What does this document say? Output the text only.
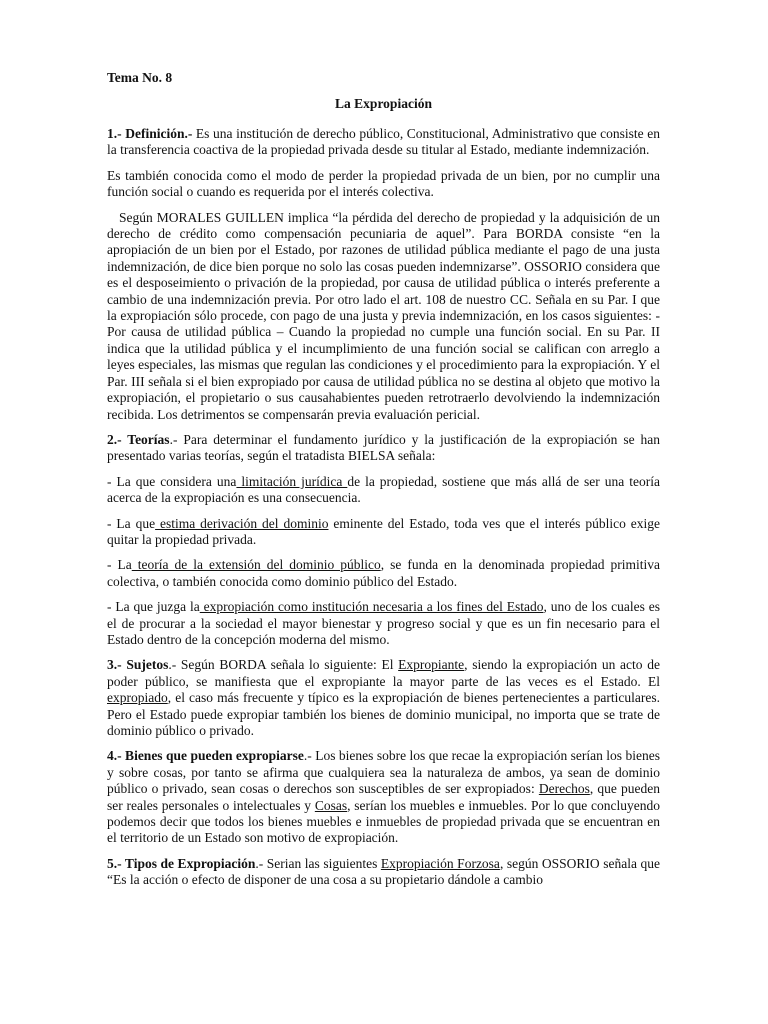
Tema No. 8
La Expropiación

1.- Definición.- Es una institución de derecho público, Constitucional, Administrativo que consiste en la transferencia coactiva de la propiedad privada desde su titular al Estado, mediante indemnización.

Es también conocida como el modo de perder la propiedad privada de un bien, por no cumplir una función social o cuando es requerida por el interés colectiva.

Según MORALES GUILLEN implica “la pérdida del derecho de propiedad y la adquisición de un derecho de crédito como compensación pecuniaria de aquel”. Para BORDA consiste “en la apropiación de un bien por el Estado, por razones de utilidad pública mediante el pago de una justa indemnización, de dice bien porque no solo las cosas pueden indemnizarse”. OSSORIO considera que es el desposeimiento o privación de la propiedad, por causa de utilidad pública o interés preferente a cambio de una indemnización previa. Por otro lado el art. 108 de nuestro CC. Señala en su Par. I que la expropiación sólo procede, con pago de una justa y previa indemnización, en los casos siguientes: - Por causa de utilidad pública – Cuando la propiedad no cumple una función social. En su Par. II indica que la utilidad pública y el incumplimiento de una función social se califican con arreglo a leyes especiales, las mismas que regulan las condiciones y el procedimiento para la expropiación. Y el Par. III señala si el bien expropiado por causa de utilidad pública no se destina al objeto que motivo la expropiación, el propietario o sus causahabientes pueden retrotraerlo devolviendo la indemnización recibida. Los detrimentos se compensarán previa evaluación pericial.

2.- Teorías.- Para determinar el fundamento jurídico y la justificación de la expropiación se han presentado varias teorías, según el tratadista BIELSA señala:

- La que considera una limitación jurídica de la propiedad, sostiene que más allá de ser una teoría acerca de la expropiación es una consecuencia.

- La que estima derivación del dominio eminente del Estado, toda ves que el interés público exige quitar la propiedad privada.

- La teoría de la extensión del dominio público, se funda en la denominada propiedad primitiva colectiva, o también conocida como dominio público del Estado.

- La que juzga la expropiación como institución necesaria a los fines del Estado, uno de los cuales es el de procurar a la sociedad el mayor bienestar y progreso social y que es un fin necesario para el Estado dentro de la concepción moderna del mismo.

3.- Sujetos.- Según BORDA señala lo siguiente: El Expropiante, siendo la expropiación un acto de poder público, se manifiesta que el expropiante la mayor parte de las veces es el Estado. El expropiado, el caso más frecuente y típico es la expropiación de bienes pertenecientes a particulares. Pero el Estado puede expropiar también los bienes de dominio municipal, no importa que se trate de dominio público o privado.

4.- Bienes que pueden expropiarse.- Los bienes sobre los que recae la expropiación serían los bienes y sobre cosas, por tanto se afirma que cualquiera sea la naturaleza de ambos, ya sean de dominio público o privado, sean cosas o derechos son susceptibles de ser expropiados: Derechos, que pueden ser reales personales o intelectuales y Cosas, serían los muebles e inmuebles. Por lo que concluyendo podemos decir que todos los bienes muebles e inmuebles de propiedad privada que se encuentran en el territorio de un Estado son motivo de expropiación.

5.- Tipos de Expropiación.- Serian las siguientes Expropiación Forzosa, según OSSORIO señala que “Es la acción o efecto de disponer de una cosa a su propietario dándole a cambio
